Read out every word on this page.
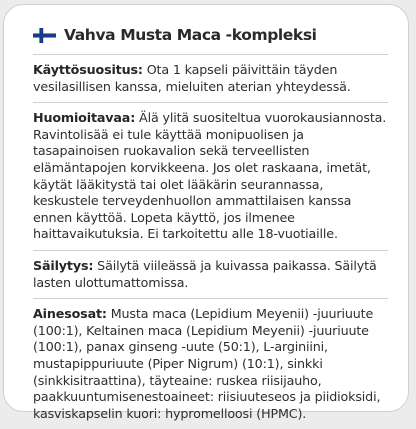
Vahva Musta Maca -kompleksi
Käyttösuositus: Ota 1 kapseli päivittäin täyden vesilasillisen kanssa, mieluiten aterian yhteydessä.
Huomioitavaa: Älä ylitä suositeltua vuorokausiannosta. Ravintolisää ei tule käyttää monipuolisen ja tasapainoisen ruokavalion sekä terveellisten elämäntapojen korvikkeena. Jos olet raskaana, imetät, käytät lääkitystä tai olet lääkärin seurannassa, keskustele terveydenhuollon ammattilaisen kanssa ennen käyttöä. Lopeta käyttö, jos ilmenee haittavaikutuksia. Ei tarkoitettu alle 18-vuotiaille.
Säilytys: Säilytä viileässä ja kuivassa paikassa. Säilytä lasten ulottumattomissa.
Ainesosat: Musta maca (Lepidium Meyenii) -juuriuute (100:1), Keltainen maca (Lepidium Meyenii) -juuriuute (100:1), panax ginseng -uute (50:1), L-arginiini, mustapippuriuute (Piper Nigrum) (10:1), sinkki (sinkkisitraattina), täyteaine: ruskea riisijauho, paakkuuntumisenestoaineet: riisiuuteseos ja piidioksidi, kasviskapselin kuori: hypromelloosi (HPMC).
